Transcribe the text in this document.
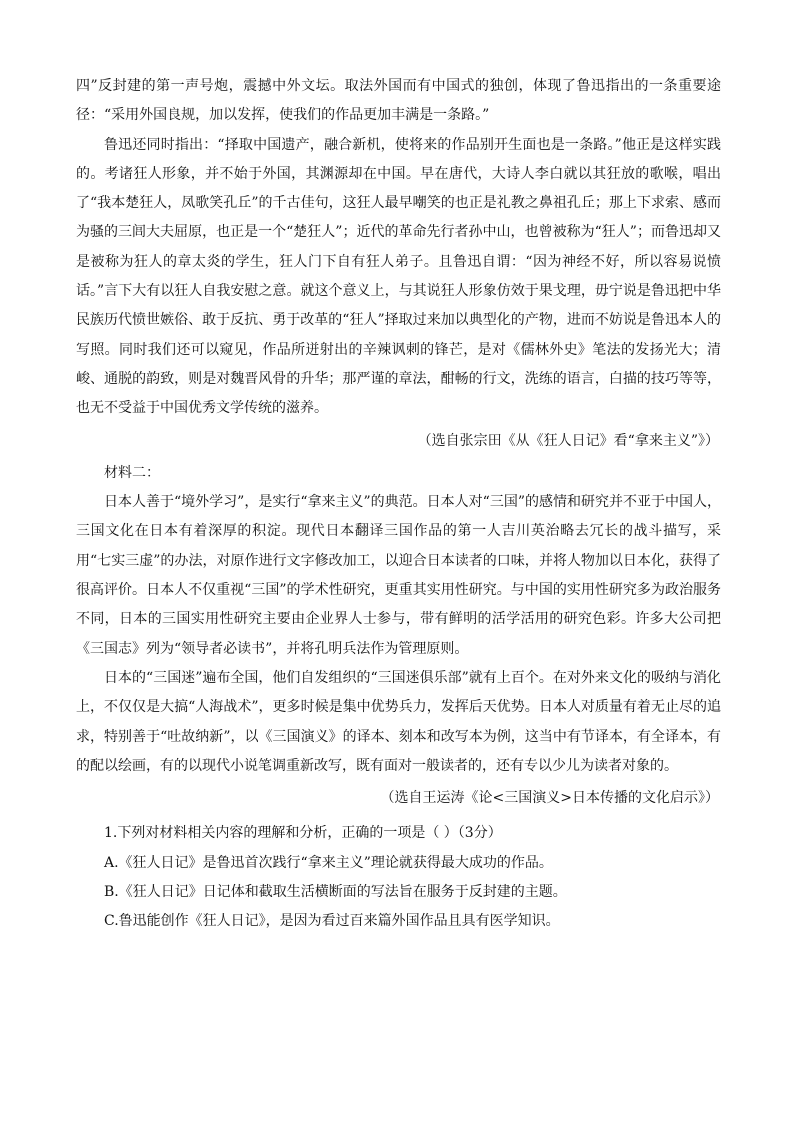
四”反封建的第一声号炮，震撼中外文坛。取法外国而有中国式的独创，体现了鲁迅指出的一条重要途径：“采用外国良规，加以发挥，使我们的作品更加丰满是一条路。”

鲁迅还同时指出：“择取中国遗产，融合新机，使将来的作品别开生面也是一条路。”他正是这样实践的。考诸狂人形象，并不始于外国，其渊源却在中国。早在唐代，大诗人李白就以其狂放的歌喉，唱出了“我本楚狂人，凤歌笑孔丘”的千古佳句，这狂人最早嘲笑的也正是礼教之鼻祖孔丘；那上下求索、感而为骚的三闾大夫屈原，也正是一个“楚狂人”；近代的革命先行者孙中山，也曾被称为“狂人”；而鲁迅却又是被称为狂人的章太炎的学生，狂人门下自有狂人弟子。且鲁迅自谓：“因为神经不好，所以容易说愤话。”言下大有以狂人自我安慰之意。就这个意义上，与其说狂人形象仿效于果戈理，毋宁说是鲁迅把中华民族历代愤世嫉俗、敢于反抗、勇于改革的“狂人”择取过来加以典型化的产物，进而不妨说是鲁迅本人的写照。同时我们还可以窥见，作品所迸射出的辛辣讽刺的锋芒，是对《儒林外史》笔法的发扬光大；清峻、通脱的韵致，则是对魏晋风骨的升华；那严谨的章法，酣畅的行文，洗练的语言，白描的技巧等等，也无不受益于中国优秀文学传统的滋养。

（选自张宗田《从《狂人日记》看“拿来主义”》）

材料二：

日本人善于“境外学习”，是实行“拿来主义”的典范。日本人对“三国”的感情和研究并不亚于中国人，三国文化在日本有着深厚的积淀。现代日本翻译三国作品的第一人吉川英治略去冗长的战斗描写，采用“七实三虚”的办法，对原作进行文字修改加工，以迎合日本读者的口味，并将人物加以日本化，获得了很高评价。日本人不仅重视“三国”的学术性研究，更重其实用性研究。与中国的实用性研究多为政治服务不同，日本的三国实用性研究主要由企业界人士参与，带有鲜明的活学活用的研究色彩。许多大公司把《三国志》列为“领导者必读书”，并将孔明兵法作为管理原则。

日本的“三国迷”遍布全国，他们自发组织的“三国迷俱乐部”就有上百个。在对外来文化的吸纳与消化上，不仅仅是大搞“人海战术”，更多时候是集中优势兵力，发挥后天优势。日本人对质量有着无止尽的追求，特别善于“吐故纳新”，以《三国演义》的译本、刻本和改写本为例，这当中有节译本，有全译本，有的配以绘画，有的以现代小说笔调重新改写，既有面对一般读者的，还有专以少儿为读者对象的。

（选自王运涛《论<三国演义>日本传播的文化启示》）

1.下列对材料相关内容的理解和分析，正确的一项是（ ）（3分）

A.《狂人日记》是鲁迅首次践行“拿来主义”理论就获得最大成功的作品。

B.《狂人日记》日记体和截取生活横断面的写法旨在服务于反封建的主题。

C.鲁迅能创作《狂人日记》，是因为看过百来篇外国作品且具有医学知识。
